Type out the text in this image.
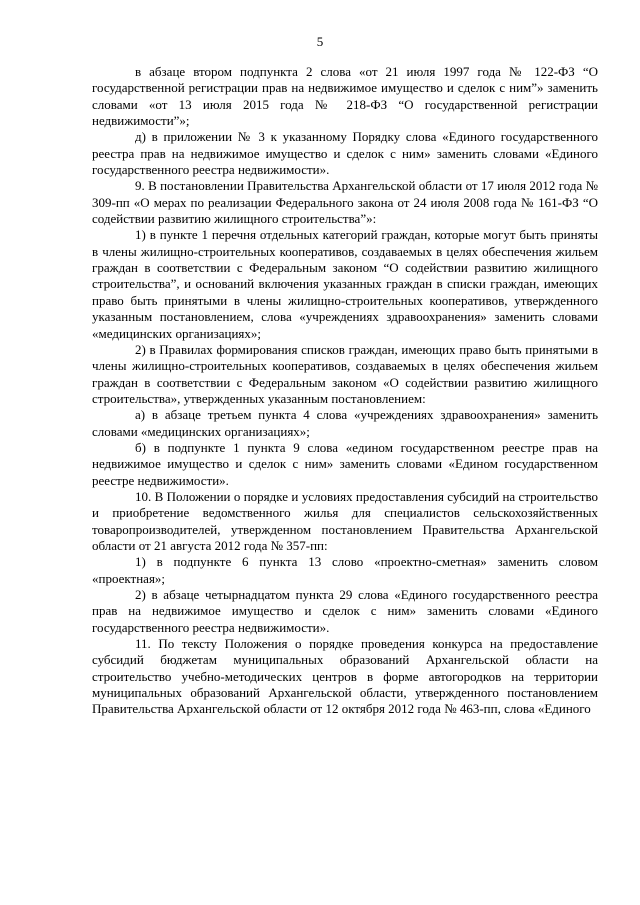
5

в абзаце втором подпункта 2 слова «от 21 июля 1997 года № 122-ФЗ “О государственной регистрации прав на недвижимое имущество и сделок с ним”» заменить словами «от 13 июля 2015 года № 218-ФЗ “О государственной регистрации недвижимости”»;

д) в приложении № 3 к указанному Порядку слова «Единого государственного реестра прав на недвижимое имущество и сделок с ним» заменить словами «Единого государственного реестра недвижимости».

9. В постановлении Правительства Архангельской области от 17 июля 2012 года № 309-пп «О мерах по реализации Федерального закона от 24 июля 2008 года № 161-ФЗ “О содействии развитию жилищного строительства”»:

1) в пункте 1 перечня отдельных категорий граждан, которые могут быть приняты в члены жилищно-строительных кооперативов, создаваемых в целях обеспечения жильем граждан в соответствии с Федеральным законом “О содействии развитию жилищного строительства”, и оснований включения указанных граждан в списки граждан, имеющих право быть принятыми в члены жилищно-строительных кооперативов, утвержденного указанным постановлением, слова «учреждениях здравоохранения» заменить словами «медицинских организациях»;

2) в Правилах формирования списков граждан, имеющих право быть принятыми в члены жилищно-строительных кооперативов, создаваемых в целях обеспечения жильем граждан в соответствии с Федеральным законом «О содействии развитию жилищного строительства», утвержденных указанным постановлением:

а) в абзаце третьем пункта 4 слова «учреждениях здравоохранения» заменить словами «медицинских организациях»;

б) в подпункте 1 пункта 9 слова «едином государственном реестре прав на недвижимое имущество и сделок с ним» заменить словами «Едином государственном реестре недвижимости».

10. В Положении о порядке и условиях предоставления субсидий на строительство и приобретение ведомственного жилья для специалистов сельскохозяйственных товаропроизводителей, утвержденном постановлением Правительства Архангельской области от 21 августа 2012 года № 357-пп:

1) в подпункте 6 пункта 13 слово «проектно-сметная» заменить словом «проектная»;

2) в абзаце четырнадцатом пункта 29 слова «Единого государственного реестра прав на недвижимое имущество и сделок с ним» заменить словами «Единого государственного реестра недвижимости».

11. По тексту Положения о порядке проведения конкурса на предоставление субсидий бюджетам муниципальных образований Архангельской области на строительство учебно-методических центров в форме автогородков на территории муниципальных образований Архангельской области, утвержденного постановлением Правительства Архангельской области от 12 октября 2012 года № 463-пп, слова «Единого
